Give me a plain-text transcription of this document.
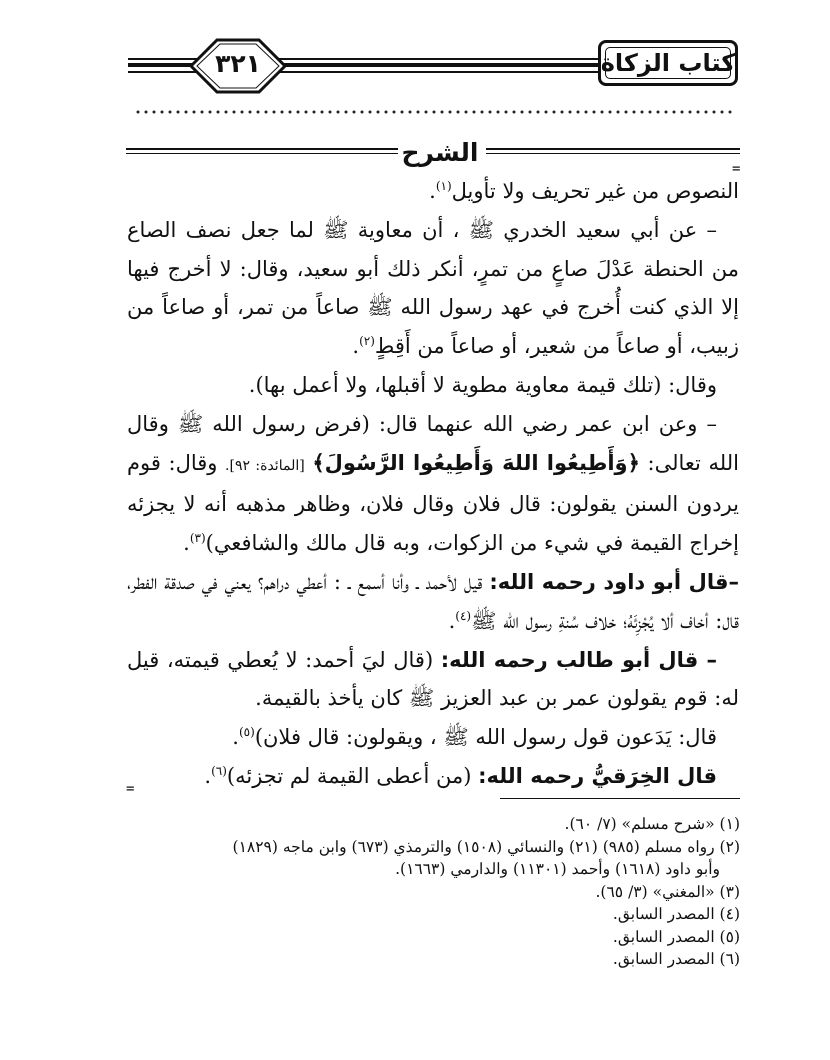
٣٢١	كتاب الزكاة
الشرح
=
=

النصوص من غير تحريف ولا تأويل$^{(١)}$.

– عن أبي سعيد الخدري ﷺ ، أن معاوية ﷺ لما جعل نصف الصاع من الحنطة عَدْلَ صاعٍ من تمرٍ، أنكر ذلك أبو سعيد، وقال: لا أخرج فيها إلا الذي كنت أُخرج في عهد رسول الله ﷺ صاعاً من تمر، أو صاعاً من زبيب، أو صاعاً من شعير، أو صاعاً من أَقِطٍ$^{(٢)}$.

وقال: (تلك قيمة معاوية مطوية لا أقبلها، ولا أعمل بها).

– وعن ابن عمر رضي الله عنهما قال: (فرض رسول الله ﷺ وقال الله تعالى: ﴿وَأَطِيعُوا اللهَ وَأَطِيعُوا الرَّسُولَ﴾ [المائدة: ٩٢]. وقال: قوم يردون السنن يقولون: قال فلان وقال فلان، وظاهر مذهبه أنه لا يجزئه إخراج القيمة في شيء من الزكوات، وبه قال مالك والشافعي)$^{(٣)}$.

–قال أبو داود رحمه الله: قيل لأحمد ـ وأنا أسمع ـ : أعطي دراهم؟ يعني في صدقة الفطر، قال: أخاف ألا يُجْزِئَهُ؛ خلاف سُنةِ رسول الله ﷺ$^{(٤)}$.

– قال أبو طالب رحمه الله: (قال ليَ أحمد: لا يُعطي قيمته، قيل له: قوم يقولون عمر بن عبد العزيز ﷺ كان يأخذ بالقيمة.

قال: يَدَعون قول رسول الله ﷺ ، ويقولون: قال فلان)$^{(٥)}$.

قال الخِرَقيُّ رحمه الله: (من أعطى القيمة لم تجزئه)$^{(٦)}$.

(١) «شرح مسلم» (٧/ ٦٠).
(٢) رواه مسلم (٩٨٥) (٢١) والنسائي (١٥٠٨) والترمذي (٦٧٣) وابن ماجه (١٨٢٩)
وأبو داود (١٦١٨) وأحمد (١١٣٠١) والدارمي (١٦٦٣).
(٣) «المغني» (٣/ ٦٥).
(٤) المصدر السابق.
(٥) المصدر السابق.
(٦) المصدر السابق.
